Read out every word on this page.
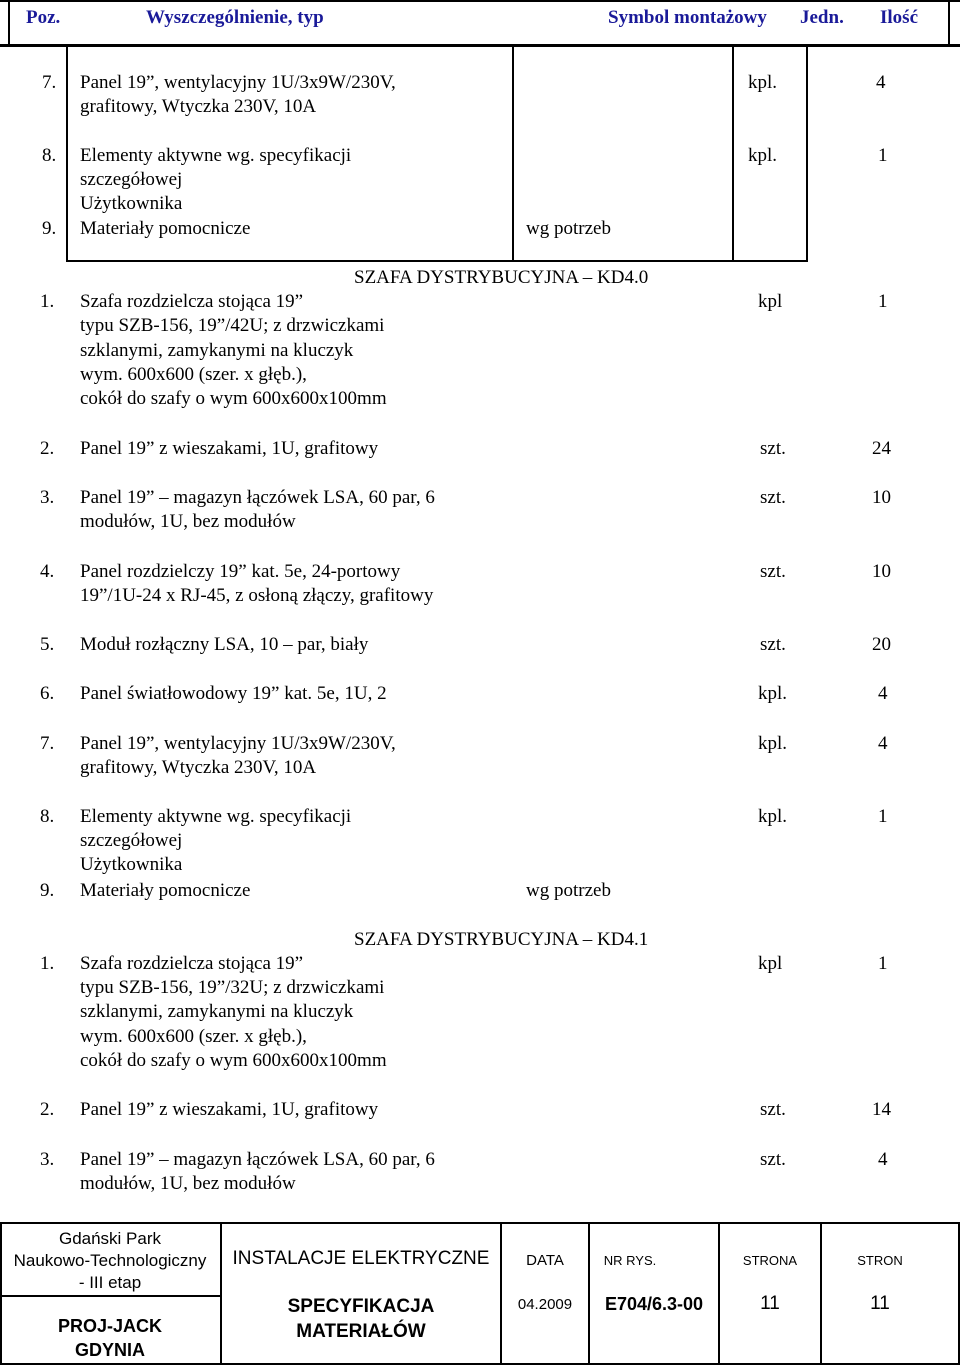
Poz.	Wyszczególnienie, typ	Symbol montażowy Jedn. Ilość
7. Panel 19”, wentylacyjny 1U/3x9W/230V,
grafitowy, Wtyczka 230V, 10A
kpl.	4
8. Elementy aktywne wg. specyfikacji
szczegółowej
Użytkownika
kpl.	1
9. Materiały pomocnicze	wg potrzeb
SZAFA DYSTRYBUCYJNA – KD4.0
1. Szafa rozdzielcza stojąca 19”
typu SZB-156, 19”/42U; z drzwiczkami
szklanymi, zamykanymi na kluczyk
wym. 600x600 (szer. x głęb.),
cokół do szafy o wym 600x600x100mm
kpl	1
2. Panel 19” z wieszakami, 1U, grafitowy	szt.	24
3. Panel 19” – magazyn łączówek LSA, 60 par, 6
modułów, 1U, bez modułów
szt.	10
4. Panel rozdzielczy 19” kat. 5e, 24-portowy
19”/1U-24 x RJ-45, z osłoną złączy, grafitowy
szt.	10
5. Moduł rozłączny LSA, 10 – par, biały	szt.	20
6. Panel światłowodowy 19” kat. 5e, 1U, 2	kpl.	4
7. Panel 19”, wentylacyjny 1U/3x9W/230V,
grafitowy, Wtyczka 230V, 10A
kpl.	4
8. Elementy aktywne wg. specyfikacji
szczegółowej
Użytkownika
kpl.	1
9. Materiały pomocnicze	wg potrzeb
SZAFA DYSTRYBUCYJNA – KD4.1
1. Szafa rozdzielcza stojąca 19”
typu SZB-156, 19”/32U; z drzwiczkami
szklanymi, zamykanymi na kluczyk
wym. 600x600 (szer. x głęb.),
cokół do szafy o wym 600x600x100mm
kpl	1
2. Panel 19” z wieszakami, 1U, grafitowy	szt.	14
3. Panel 19” – magazyn łączówek LSA, 60 par, 6
modułów, 1U, bez modułów
szt.	4
Gdański Park
Naukowo-Technologiczny
- III etap
PROJ-JACK
GDYNIA
INSTALACJE ELEKTRYCZNE
SPECYFIKACJA
MATERIAŁÓW
DATA
04.2009
NR RYS.
E704/6.3-00
STRONA
11
STRON
11
